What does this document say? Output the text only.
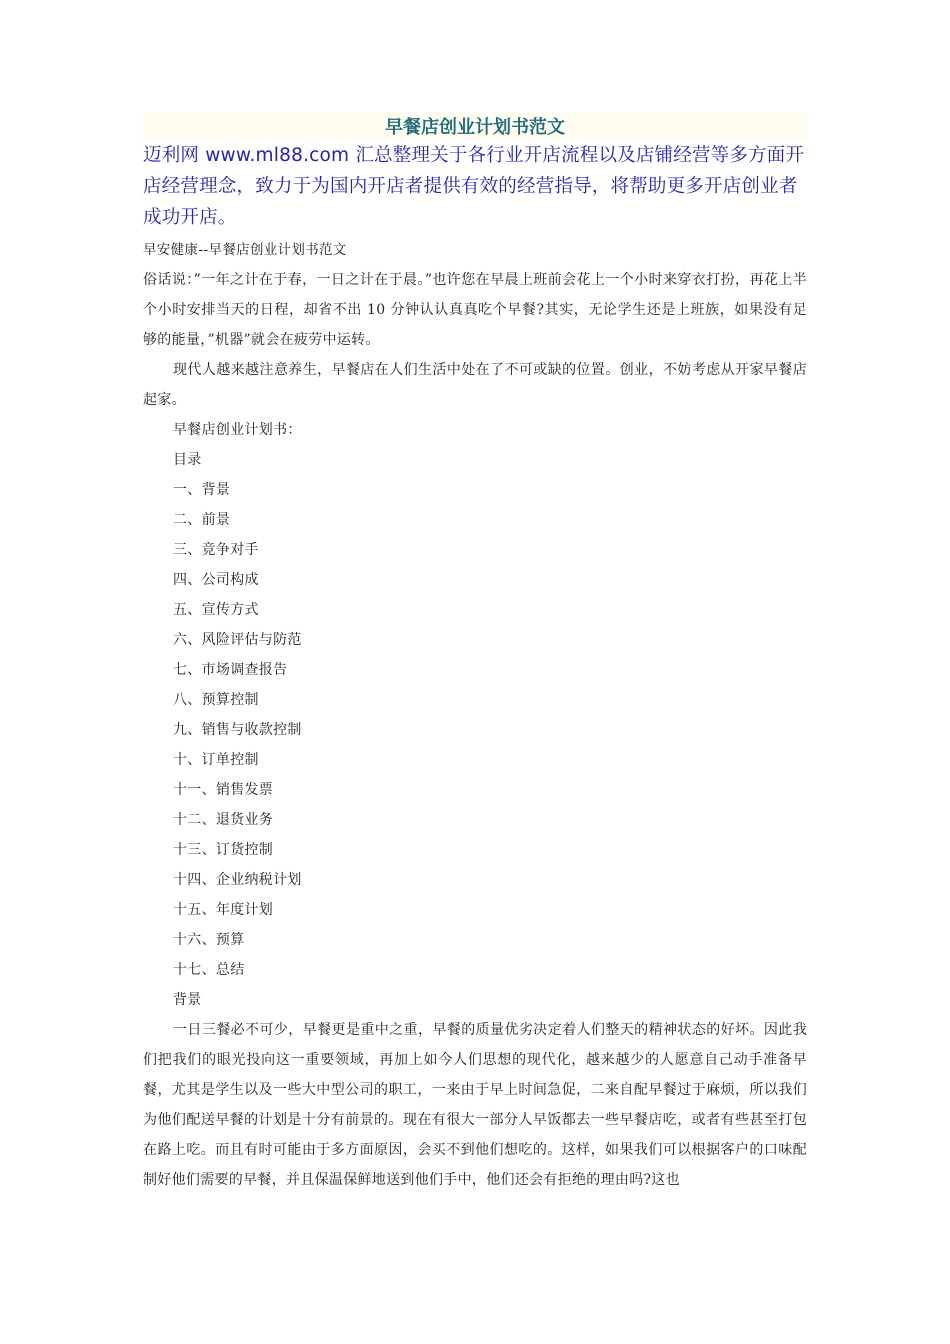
早餐店创业计划书范文
迈利网 www.ml88.com 汇总整理关于各行业开店流程以及店铺经营等多方面开店经营理念，致力于为国内开店者提供有效的经营指导，将帮助更多开店创业者成功开店。
早安健康--早餐店创业计划书范文

俗话说：”一年之计在于春，一日之计在于晨。”也许您在早晨上班前会花上一个小时来穿衣打扮，再花上半个小时安排当天的日程，却省不出 10 分钟认认真真吃个早餐?其实，无论学生还是上班族，如果没有足够的能量，”机器”就会在疲劳中运转。

现代人越来越注意养生，早餐店在人们生活中处在了不可或缺的位置。创业，不妨考虑从开家早餐店起家。

早餐店创业计划书：
目录
一、背景
二、前景
三、竞争对手
四、公司构成
五、宣传方式
六、风险评估与防范
七、市场调查报告
八、预算控制
九、销售与收款控制
十、订单控制
十一、销售发票
十二、退货业务
十三、订货控制
十四、企业纳税计划
十五、年度计划
十六、预算
十七、总结
背景

一日三餐必不可少，早餐更是重中之重，早餐的质量优劣决定着人们整天的精神状态的好坏。因此我们把我们的眼光投向这一重要领域，再加上如今人们思想的现代化，越来越少的人愿意自己动手准备早餐，尤其是学生以及一些大中型公司的职工，一来由于早上时间急促，二来自配早餐过于麻烦，所以我们为他们配送早餐的计划是十分有前景的。现在有很大一部分人早饭都去一些早餐店吃，或者有些甚至打包在路上吃。而且有时可能由于多方面原因，会买不到他们想吃的。这样，如果我们可以根据客户的口味配制好他们需要的早餐，并且保温保鲜地送到他们手中，他们还会有拒绝的理由吗?这也
